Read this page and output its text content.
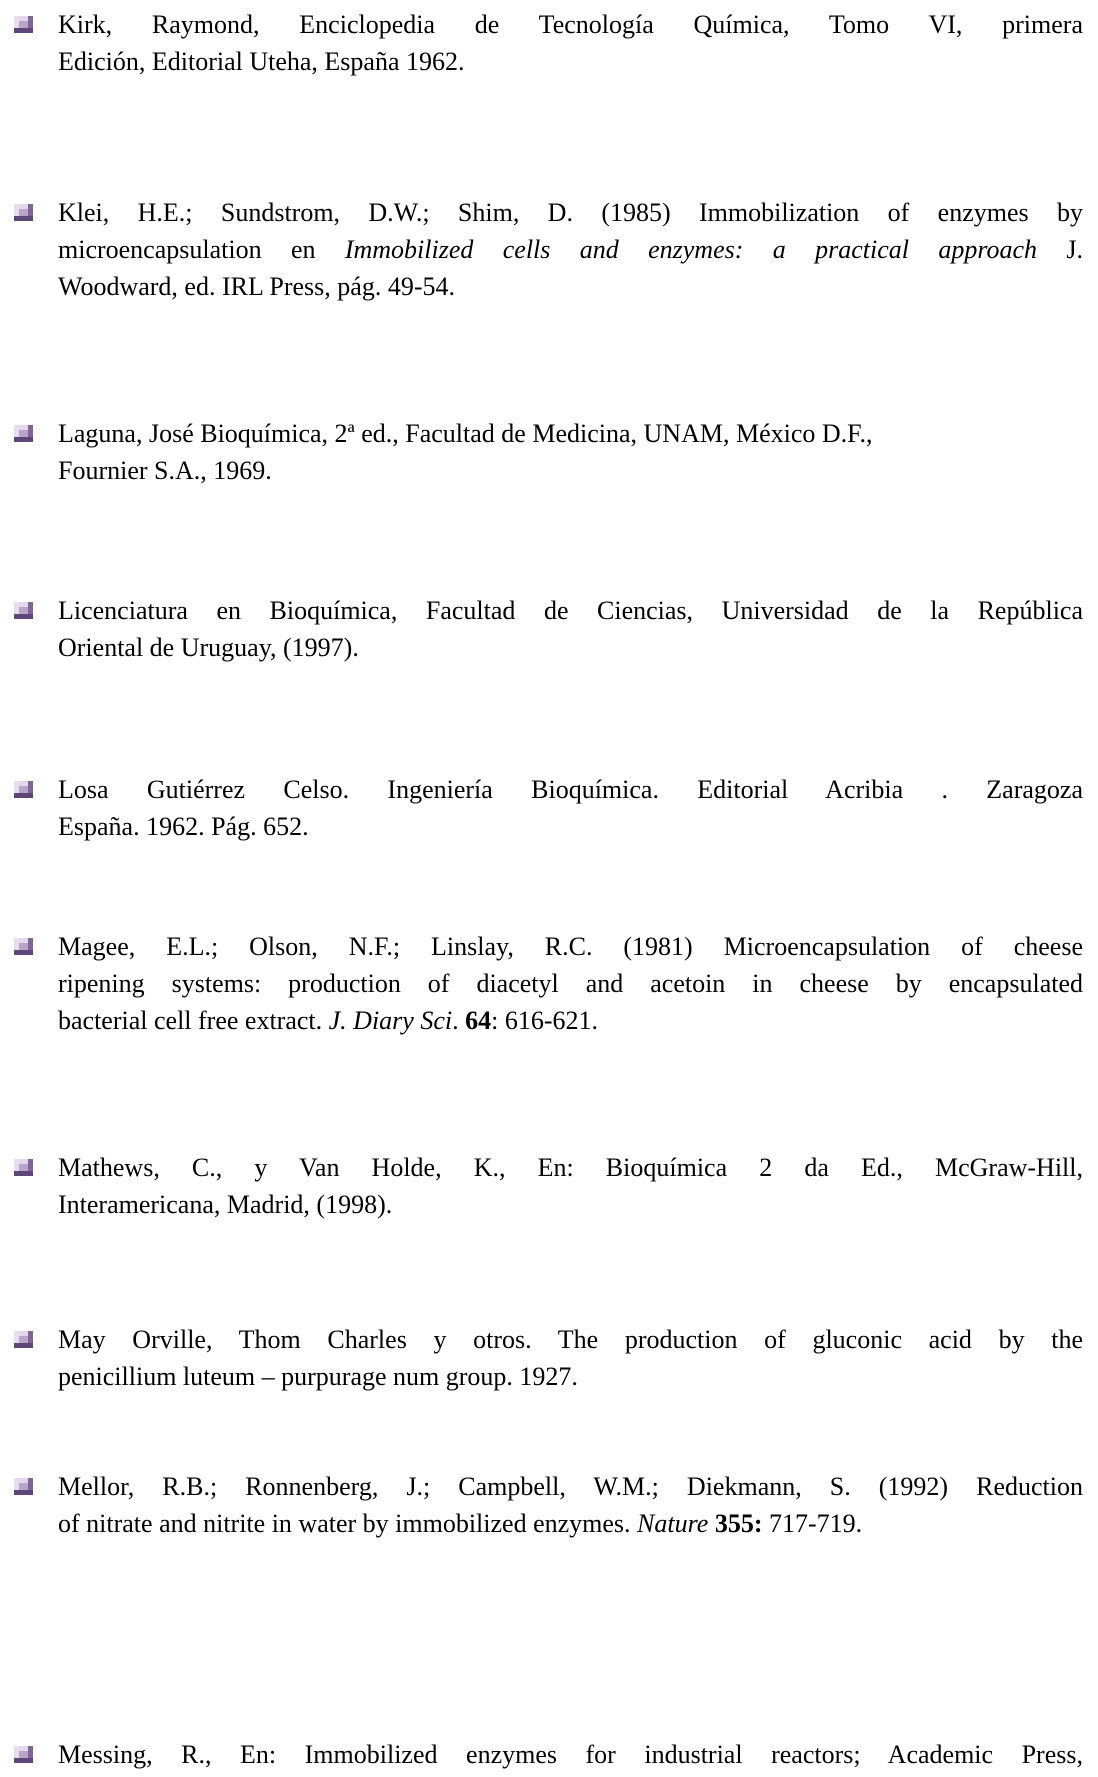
Kirk, Raymond, Enciclopedia de Tecnología Química, Tomo VI, primera
Edición, Editorial Uteha, España 1962.
Klei, H.E.; Sundstrom, D.W.; Shim, D. (1985) Immobilization of enzymes by
microencapsulation en Immobilized cells and enzymes: a practical approach J.
Woodward, ed. IRL Press, pág. 49-54.
Laguna, José Bioquímica, 2ª ed., Facultad de Medicina, UNAM, México D.F.,
Fournier S.A., 1969.
Licenciatura en Bioquímica, Facultad de Ciencias, Universidad de la República
Oriental de Uruguay, (1997).
Losa Gutiérrez Celso. Ingeniería Bioquímica. Editorial Acribia . Zaragoza
España. 1962. Pág. 652.
Magee, E.L.; Olson, N.F.; Linslay, R.C. (1981) Microencapsulation of cheese
ripening systems: production of diacetyl and acetoin in cheese by encapsulated
bacterial cell free extract. J. Diary Sci. 64: 616-621.
Mathews, C., y Van Holde, K., En: Bioquímica 2 da Ed., McGraw-Hill,
Interamericana, Madrid, (1998).
May Orville, Thom Charles y otros. The production of gluconic acid by the
penicillium luteum – purpurage num group. 1927.
Mellor, R.B.; Ronnenberg, J.; Campbell, W.M.; Diekmann, S. (1992) Reduction
of nitrate and nitrite in water by immobilized enzymes. Nature 355: 717-719.
Messing, R., En: Immobilized enzymes for industrial reactors; Academic Press,
